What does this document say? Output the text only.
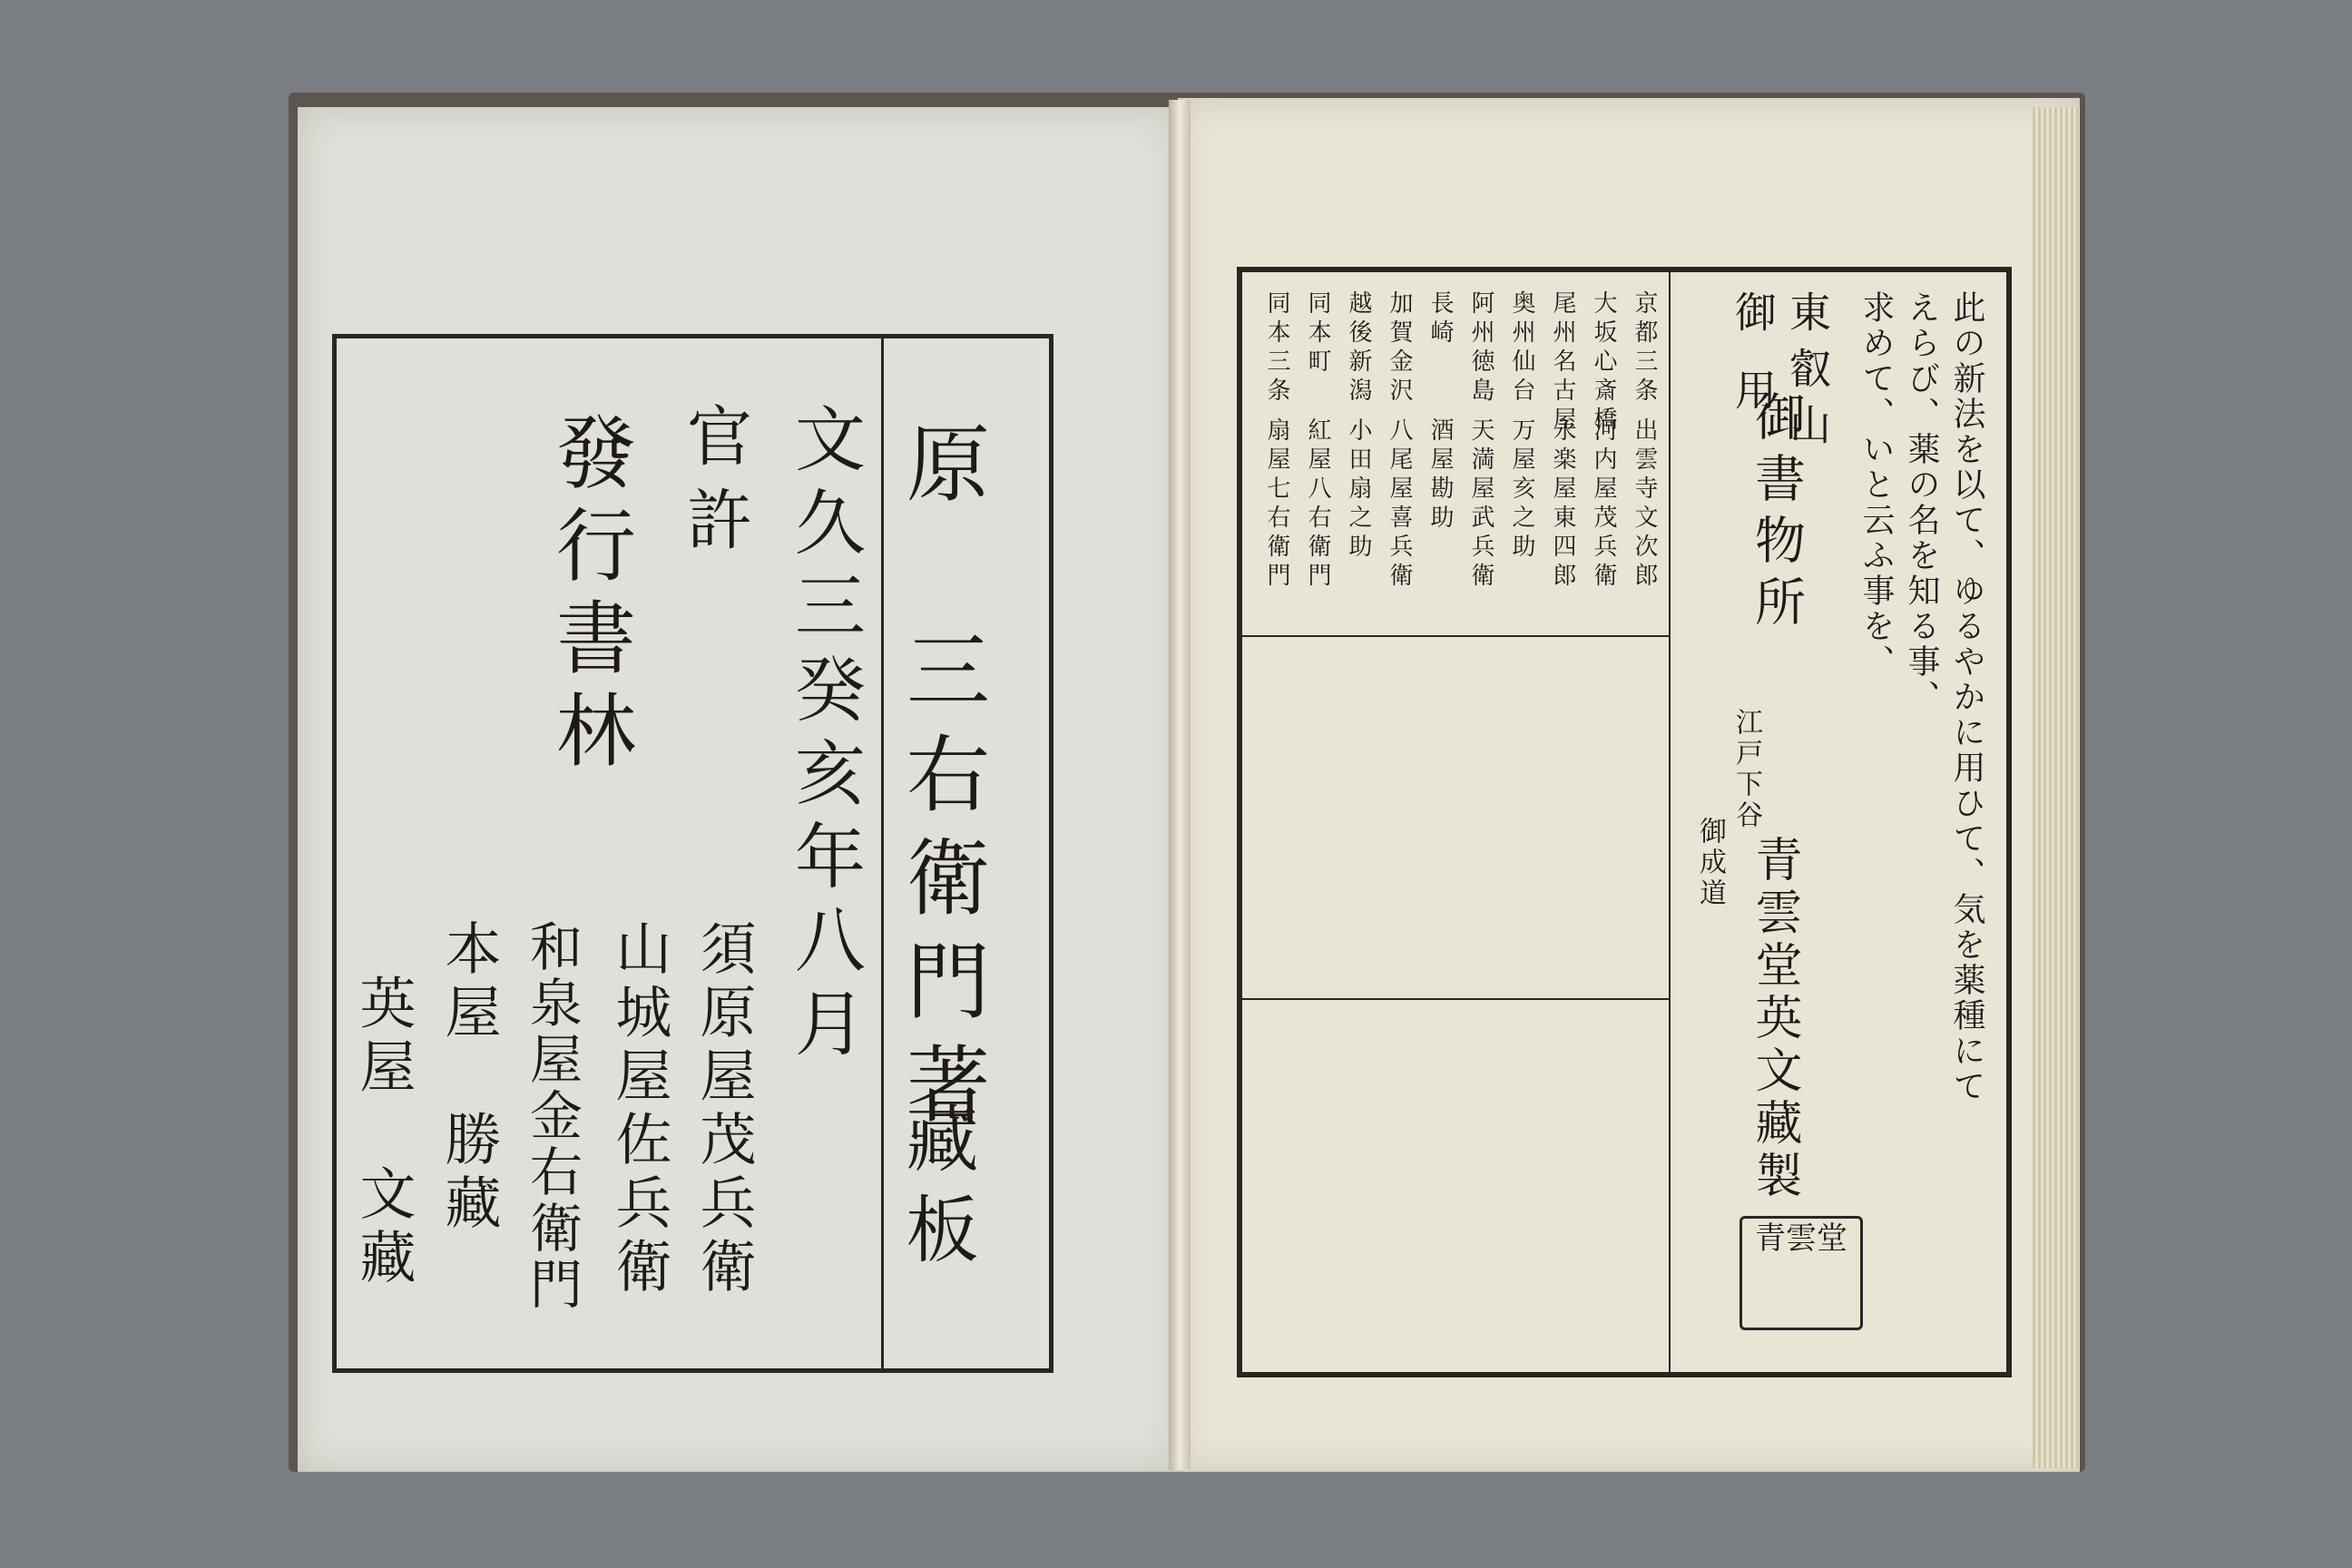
原　三右衛門著
藏板
文久三癸亥年八月
官許
發行書林
須原屋茂兵衛
山城屋佐兵衛
和泉屋金右衛門
本屋　勝藏
英屋　文藏
此の新法を以て、ゆるやかに用ひて、気を薬種にて
えらび、薬の名を知る事、
求めて、いと云ふ事を、
東叡山
御用
御書物所
江戸下谷
御成道 青雲堂英文藏製
青雲堂
京都三条
出雲寺文次郎
大坂心斎橋
河内屋茂兵衛
尾州名古屋
永楽屋東四郎
奥州仙台
万屋亥之助
阿州徳島
天満屋武兵衛
長崎
酒屋勘助
加賀金沢
八尾屋喜兵衛
越後新潟
小田扇之助
同本町
紅屋八右衛門
同本三条
扇屋七右衛門
